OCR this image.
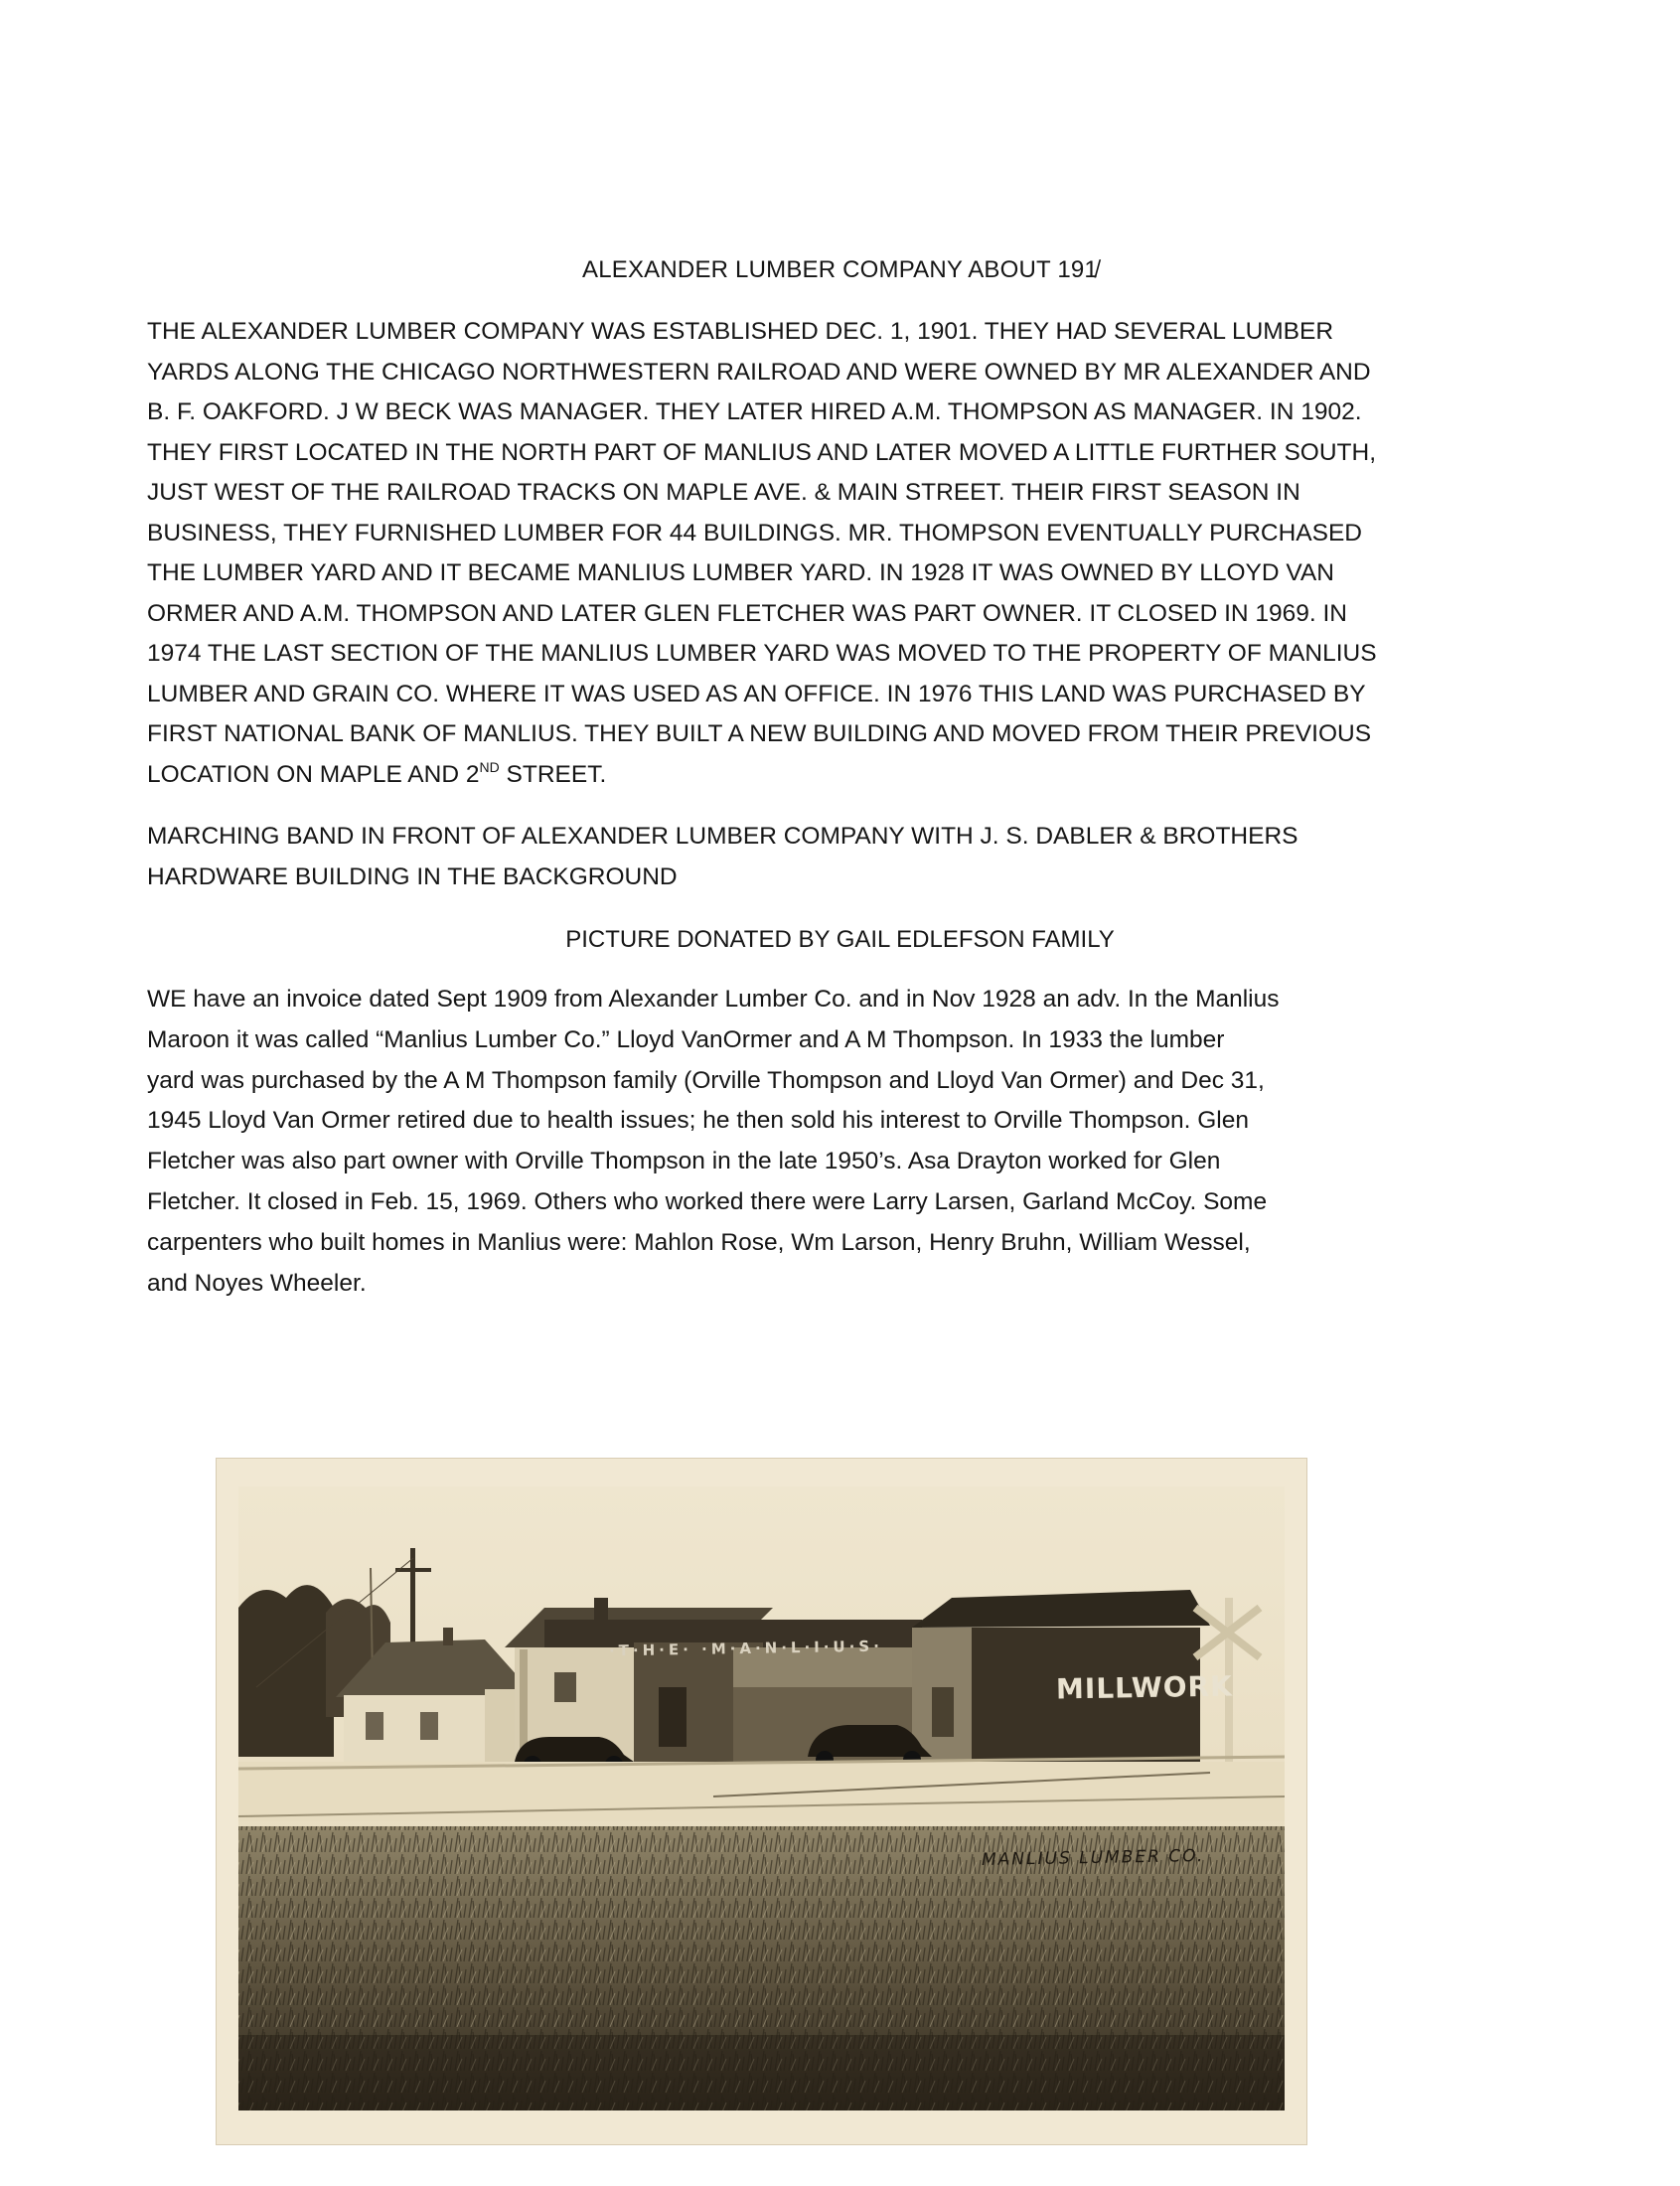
ALEXANDER LUMBER COMPANY ABOUT 191̸
THE ALEXANDER LUMBER COMPANY WAS ESTABLISHED DEC. 1, 1901. THEY HAD SEVERAL LUMBER
YARDS ALONG THE CHICAGO NORTHWESTERN RAILROAD AND WERE OWNED BY MR ALEXANDER AND
B. F. OAKFORD. J W BECK WAS MANAGER. THEY LATER HIRED A.M. THOMPSON AS MANAGER. IN 1902.
THEY FIRST LOCATED IN THE NORTH PART OF MANLIUS AND LATER MOVED A LITTLE FURTHER SOUTH,
JUST WEST OF THE RAILROAD TRACKS ON MAPLE AVE. & MAIN STREET. THEIR FIRST SEASON IN
BUSINESS, THEY FURNISHED LUMBER FOR 44 BUILDINGS. MR. THOMPSON EVENTUALLY PURCHASED
THE LUMBER YARD AND IT BECAME MANLIUS LUMBER YARD. IN 1928 IT WAS OWNED BY LLOYD VAN
ORMER AND A.M. THOMPSON AND LATER GLEN FLETCHER WAS PART OWNER. IT CLOSED IN 1969. IN
1974 THE LAST SECTION OF THE MANLIUS LUMBER YARD WAS MOVED TO THE PROPERTY OF MANLIUS
LUMBER AND GRAIN CO. WHERE IT WAS USED AS AN OFFICE. IN 1976 THIS LAND WAS PURCHASED BY
FIRST NATIONAL BANK OF MANLIUS. THEY BUILT A NEW BUILDING AND MOVED FROM THEIR PREVIOUS
LOCATION ON MAPLE AND 2ND STREET.
MARCHING BAND IN FRONT OF ALEXANDER LUMBER COMPANY WITH J. S. DABLER & BROTHERS
HARDWARE BUILDING IN THE BACKGROUND
PICTURE DONATED BY GAIL EDLEFSON FAMILY
WE have an invoice dated Sept 1909 from Alexander Lumber Co. and in Nov 1928 an adv. In the Manlius
Maroon it was called “Manlius Lumber Co.” Lloyd VanOrmer and A M Thompson. In 1933 the lumber
yard was purchased by the A M Thompson family (Orville Thompson and Lloyd Van Ormer) and Dec 31,
1945 Lloyd Van Ormer retired due to health issues; he then sold his interest to Orville Thompson. Glen
Fletcher was also part owner with Orville Thompson in the late 1950’s. Asa Drayton worked for Glen
Fletcher. It closed in Feb. 15, 1969. Others who worked there were Larry Larsen, Garland McCoy. Some
carpenters who built homes in Manlius were: Mahlon Rose, Wm Larson, Henry Bruhn, William Wessel,
and Noyes Wheeler.
·T·H·E· ·M·A·N·L·I·U·S·
MILLWORK
MANLIUS LUMBER CO.
